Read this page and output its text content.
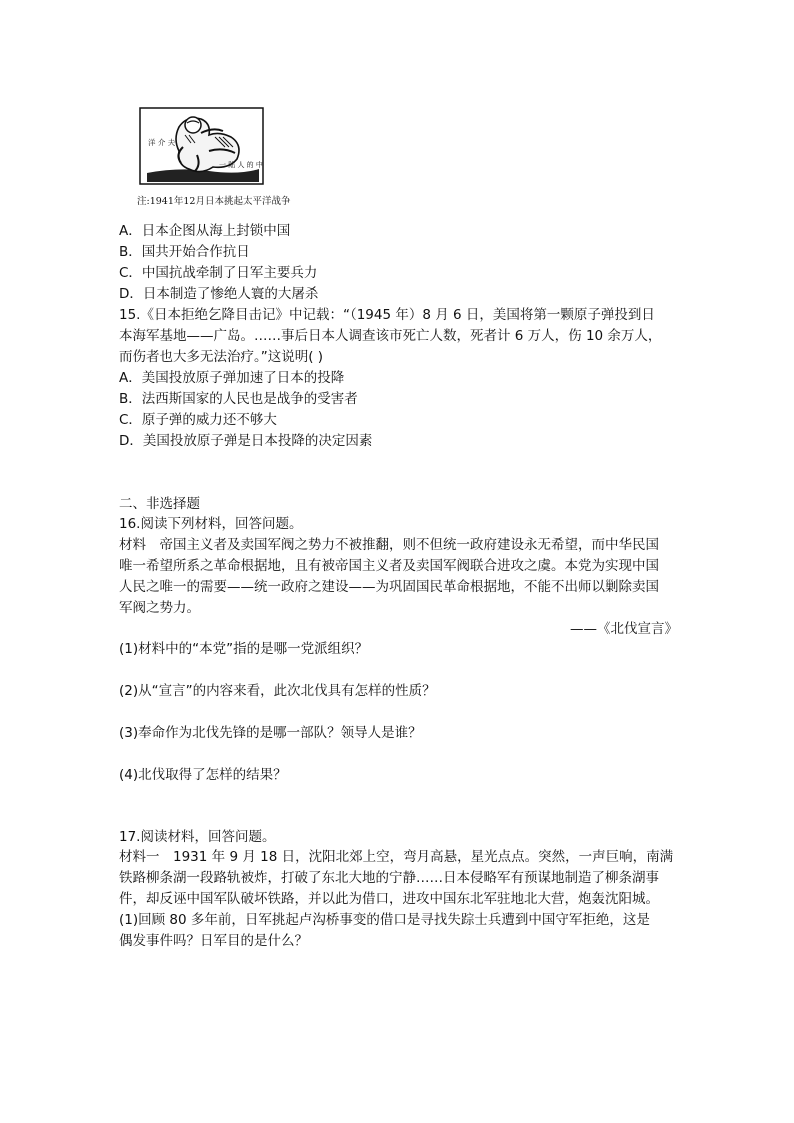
洋 介 夫
一 陆 人 的 中
注:1941年12月日本挑起太平洋战争
A．日本企图从海上封锁中国
B．国共开始合作抗日
C．中国抗战牵制了日军主要兵力
D．日本制造了惨绝人寰的大屠杀
15.《日本拒绝乞降目击记》中记载：“（1945 年）8 月 6 日，美国将第一颗原子弹投到日
本海军基地——广岛。……事后日本人调查该市死亡人数，死者计 6 万人，伤 10 余万人，
而伤者也大多无法治疗。”这说明( )
A．美国投放原子弹加速了日本的投降
B．法西斯国家的人民也是战争的受害者
C．原子弹的威力还不够大
D．美国投放原子弹是日本投降的决定因素
二、非选择题
16.阅读下列材料，回答问题。
材料　帝国主义者及卖国军阀之势力不被推翻，则不但统一政府建设永无希望，而中华民国
唯一希望所系之革命根据地，且有被帝国主义者及卖国军阀联合进攻之虞。本党为实现中国
人民之唯一的需要——统一政府之建设——为巩固国民革命根据地，不能不出师以剿除卖国
军阀之势力。
——《北伐宣言》
(1)材料中的“本党”指的是哪一党派组织？
(2)从“宣言”的内容来看，此次北伐具有怎样的性质？
(3)奉命作为北伐先锋的是哪一部队？领导人是谁？
(4)北伐取得了怎样的结果？
17.阅读材料，回答问题。
材料一　1931 年 9 月 18 日，沈阳北郊上空，弯月高悬，星光点点。突然，一声巨响，南满
铁路柳条湖一段路轨被炸，打破了东北大地的宁静……日本侵略军有预谋地制造了柳条湖事
件，却反诬中国军队破坏铁路，并以此为借口，进攻中国东北军驻地北大营，炮轰沈阳城。
(1)回顾 80 多年前，日军挑起卢沟桥事变的借口是寻找失踪士兵遭到中国守军拒绝，这是
偶发事件吗？日军目的是什么？
